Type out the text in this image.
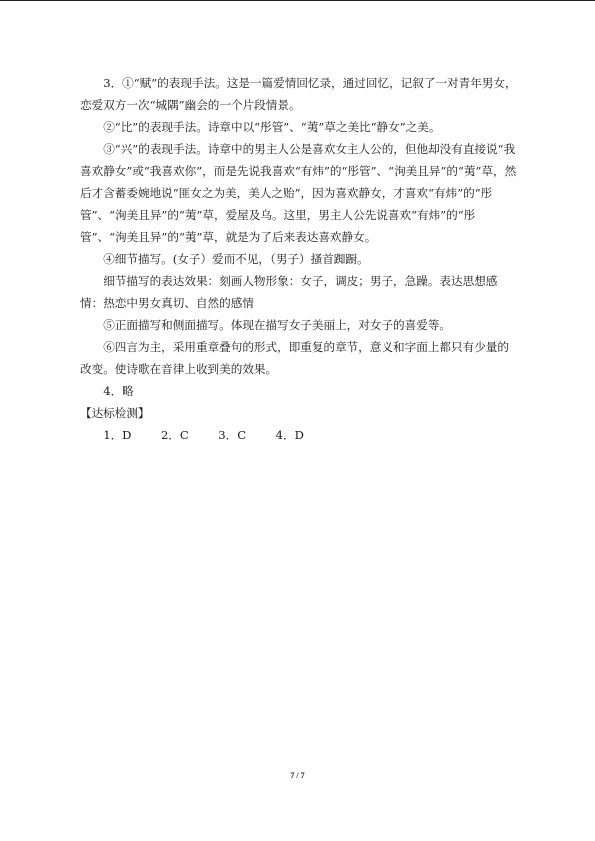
3．①“赋”的表现手法。这是一篇爱情回忆录，通过回忆，记叙了一对青年男女，恋爱双方一次“城隅”幽会的一个片段情景。

②“比”的表现手法。诗章中以“彤管”、“荑”草之美比“静女”之美。

③“兴”的表现手法。诗章中的男主人公是喜欢女主人公的，但他却没有直接说“我喜欢静女”或“我喜欢你”，而是先说我喜欢“有炜”的“彤管”、“洵美且异”的“荑”草，然后才含蓄委婉地说“匪女之为美，美人之贻”，因为喜欢静女，才喜欢“有炜”的“彤管”、“洵美且异”的“荑”草，爱屋及乌。这里，男主人公先说喜欢“有炜”的“彤管”、“洵美且异”的“荑”草，就是为了后来表达喜欢静女。

④细节描写。(女子）爱而不见，（男子）搔首踟蹰。

细节描写的表达效果：刻画人物形象：女子，调皮；男子，急躁。表达思想感情：热恋中男女真切、自然的感情

⑤正面描写和侧面描写。体现在描写女子美丽上，对女子的喜爱等。

⑥四言为主，采用重章叠句的形式，即重复的章节，意义和字面上都只有少量的改变。使诗歌在音律上收到美的效果。

4．略

【达标检测】

1．D	2．C	3．C	4．D

7 / 7
